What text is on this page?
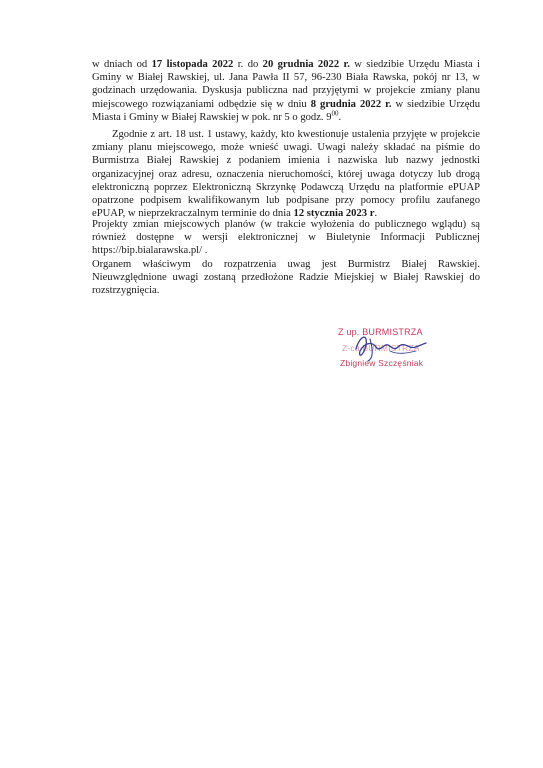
w dniach od 17 listopada 2022 r. do 20 grudnia 2022 r. w siedzibie Urzędu Miasta i Gminy w Białej Rawskiej, ul. Jana Pawła II 57, 96-230 Biała Rawska, pokój nr 13, w godzinach urzędowania. Dyskusja publiczna nad przyjętymi w projekcie zmiany planu miejscowego rozwiązaniami odbędzie się w dniu 8 grudnia 2022 r. w siedzibie Urzędu Miasta i Gminy w Białej Rawskiej w pok. nr 5 o godz. $9^{00}$.

Zgodnie z art. 18 ust. 1 ustawy, każdy, kto kwestionuje ustalenia przyjęte w projekcie zmiany planu miejscowego, może wnieść uwagi. Uwagi należy składać na piśmie do Burmistrza Białej Rawskiej z podaniem imienia i nazwiska lub nazwy jednostki organizacyjnej oraz adresu, oznaczenia nieruchomości, której uwaga dotyczy lub drogą elektroniczną poprzez Elektroniczną Skrzynkę Podawczą Urzędu na platformie ePUAP opatrzone podpisem kwalifikowanym lub podpisane przy pomocy profilu zaufanego ePUAP, w nieprzekraczalnym terminie do dnia 12 stycznia 2023 r.

Projekty zmian miejscowych planów (w trakcie wyłożenia do publicznego wglądu) są również dostępne w wersji elektronicznej w Biuletynie Informacji Publicznej https://bip.bialarawska.pl/ .

Organem właściwym do rozpatrzenia uwag jest Burmistrz Białej Rawskiej. Nieuwzględnione uwagi zostaną przedłożone Radzie Miejskiej w Białej Rawskiej do rozstrzygnięcia.

Z up. BURMISTRZA
Z-ca BURMISTRZA
Zbigniew Szczęśniak
